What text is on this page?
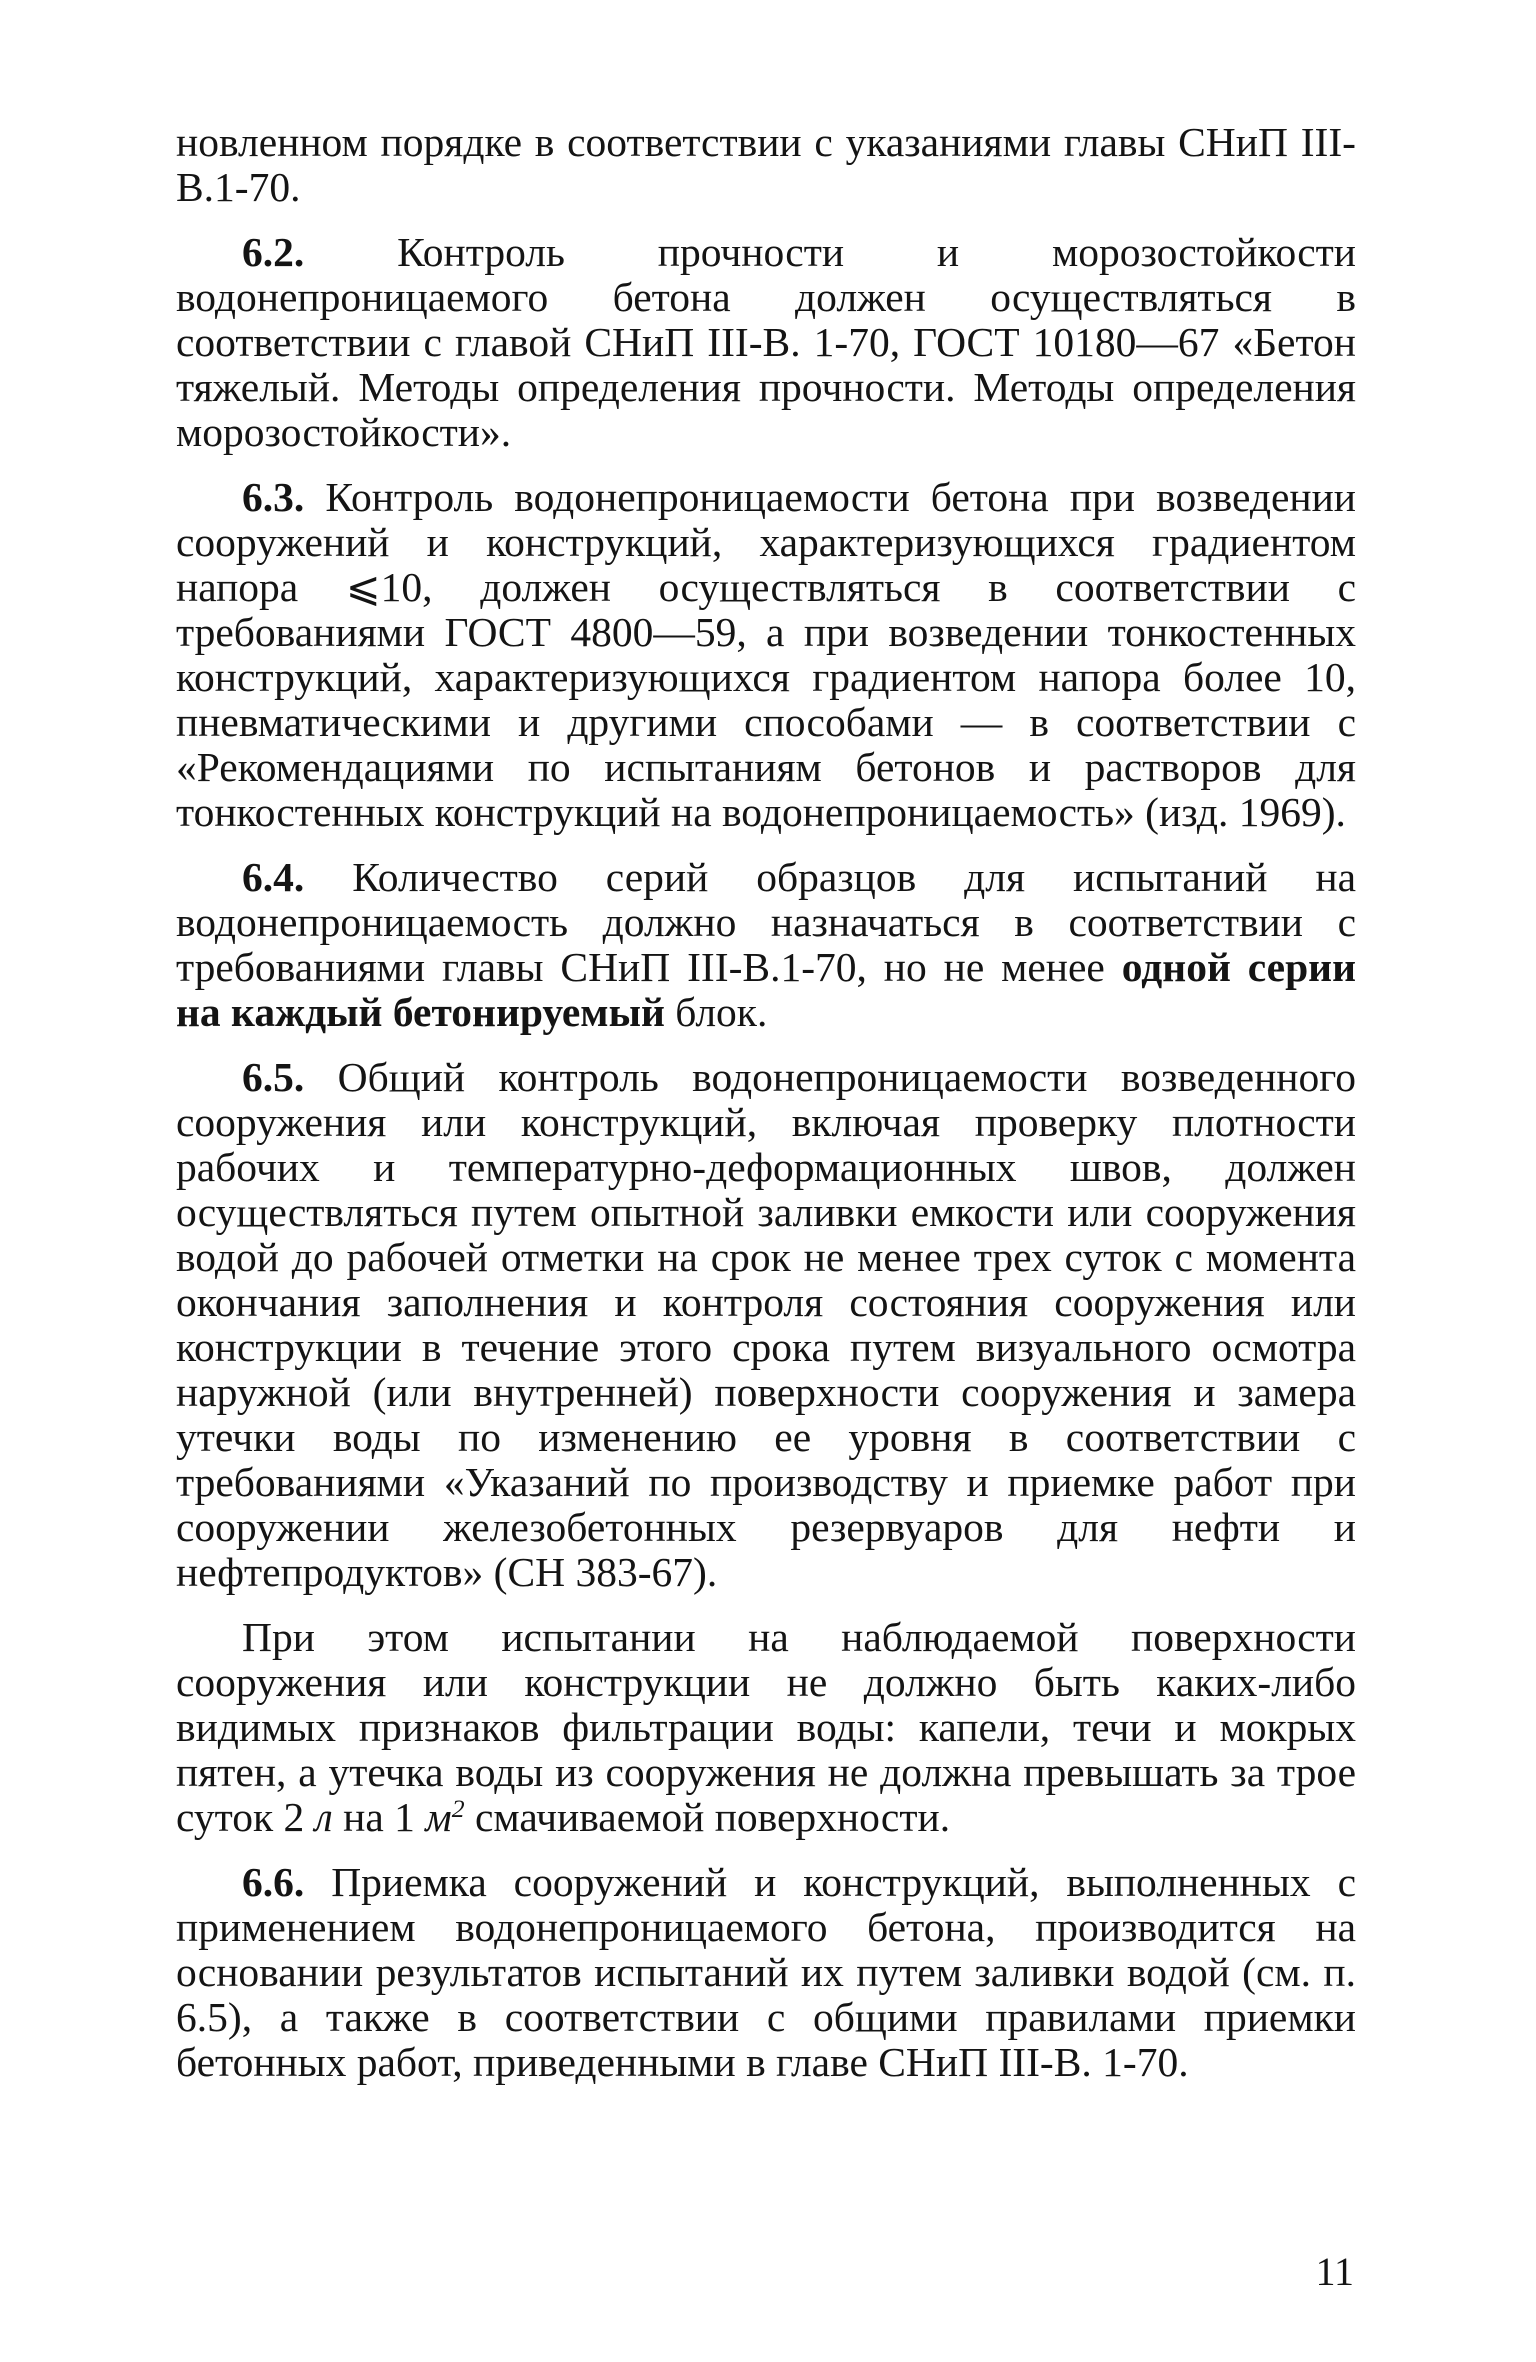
новленном порядке в соответствии с указаниями главы СНиП III-В.1-70.

6.2. Контроль прочности и морозостойкости водонепроницаемого бетона должен осуществляться в соответствии с главой СНиП III-В. 1-70, ГОСТ 10180—67 «Бетон тяжелый. Методы определения прочности. Методы определения морозостойкости».

6.3. Контроль водонепроницаемости бетона при возведении сооружений и конструкций, характеризующихся градиентом напора ⩽10, должен осуществляться в соответствии с требованиями ГОСТ 4800—59, а при возведении тонкостенных конструкций, характеризующихся градиентом напора более 10, пневматическими и другими способами — в соответствии с «Рекомендациями по испытаниям бетонов и растворов для тонкостенных конструкций на водонепроницаемость» (изд. 1969).

6.4. Количество серий образцов для испытаний на водонепроницаемость должно назначаться в соответствии с требованиями главы СНиП III-В.1-70, но не менее одной серии на каждый бетонируемый блок.

6.5. Общий контроль водонепроницаемости возведенного сооружения или конструкций, включая проверку плотности рабочих и температурно-деформационных швов, должен осуществляться путем опытной заливки емкости или сооружения водой до рабочей отметки на срок не менее трех суток с момента окончания заполнения и контроля состояния сооружения или конструкции в течение этого срока путем визуального осмотра наружной (или внутренней) поверхности сооружения и замера утечки воды по изменению ее уровня в соответствии с требованиями «Указаний по производству и приемке работ при сооружении железобетонных резервуаров для нефти и нефтепродуктов» (СН 383-67).

При этом испытании на наблюдаемой поверхности сооружения или конструкции не должно быть каких-либо видимых признаков фильтрации воды: капели, течи и мокрых пятен, а утечка воды из сооружения не должна превышать за трое суток 2 л на 1 $м^2$ смачиваемой поверхности.

6.6. Приемка сооружений и конструкций, выполненных с применением водонепроницаемого бетона, производится на основании результатов испытаний их путем заливки водой (см. п. 6.5), а также в соответствии с общими правилами приемки бетонных работ, приведенными в главе СНиП III-В. 1-70.

11
